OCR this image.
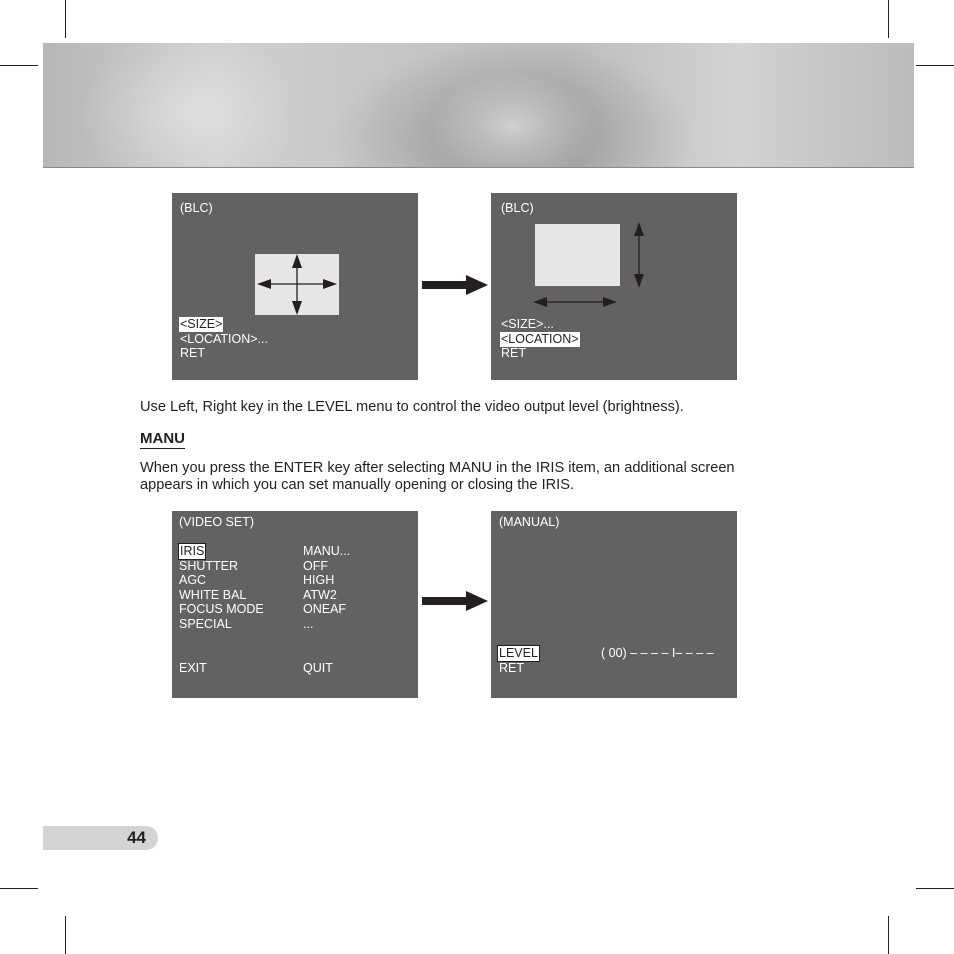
(BLC)
<SIZE>
<LOCATION>...
RET
(BLC)
<SIZE>...
<LOCATION>
RET
Use Left, Right key in the LEVEL menu to control the video output level (brightness).
MANU
When you press the ENTER key after selecting MANU in the IRIS item, an additional screen
appears in which you can set manually opening or closing the IRIS.
(VIDEO SET)
IRIS	MANU...
SHUTTER	OFF
AGC	HIGH
WHITE BAL	ATW2
FOCUS MODE	ONEAF
SPECIAL	...
EXIT	QUIT
(MANUAL)
LEVEL	( 00) – – – – I– – – –
RET
44
